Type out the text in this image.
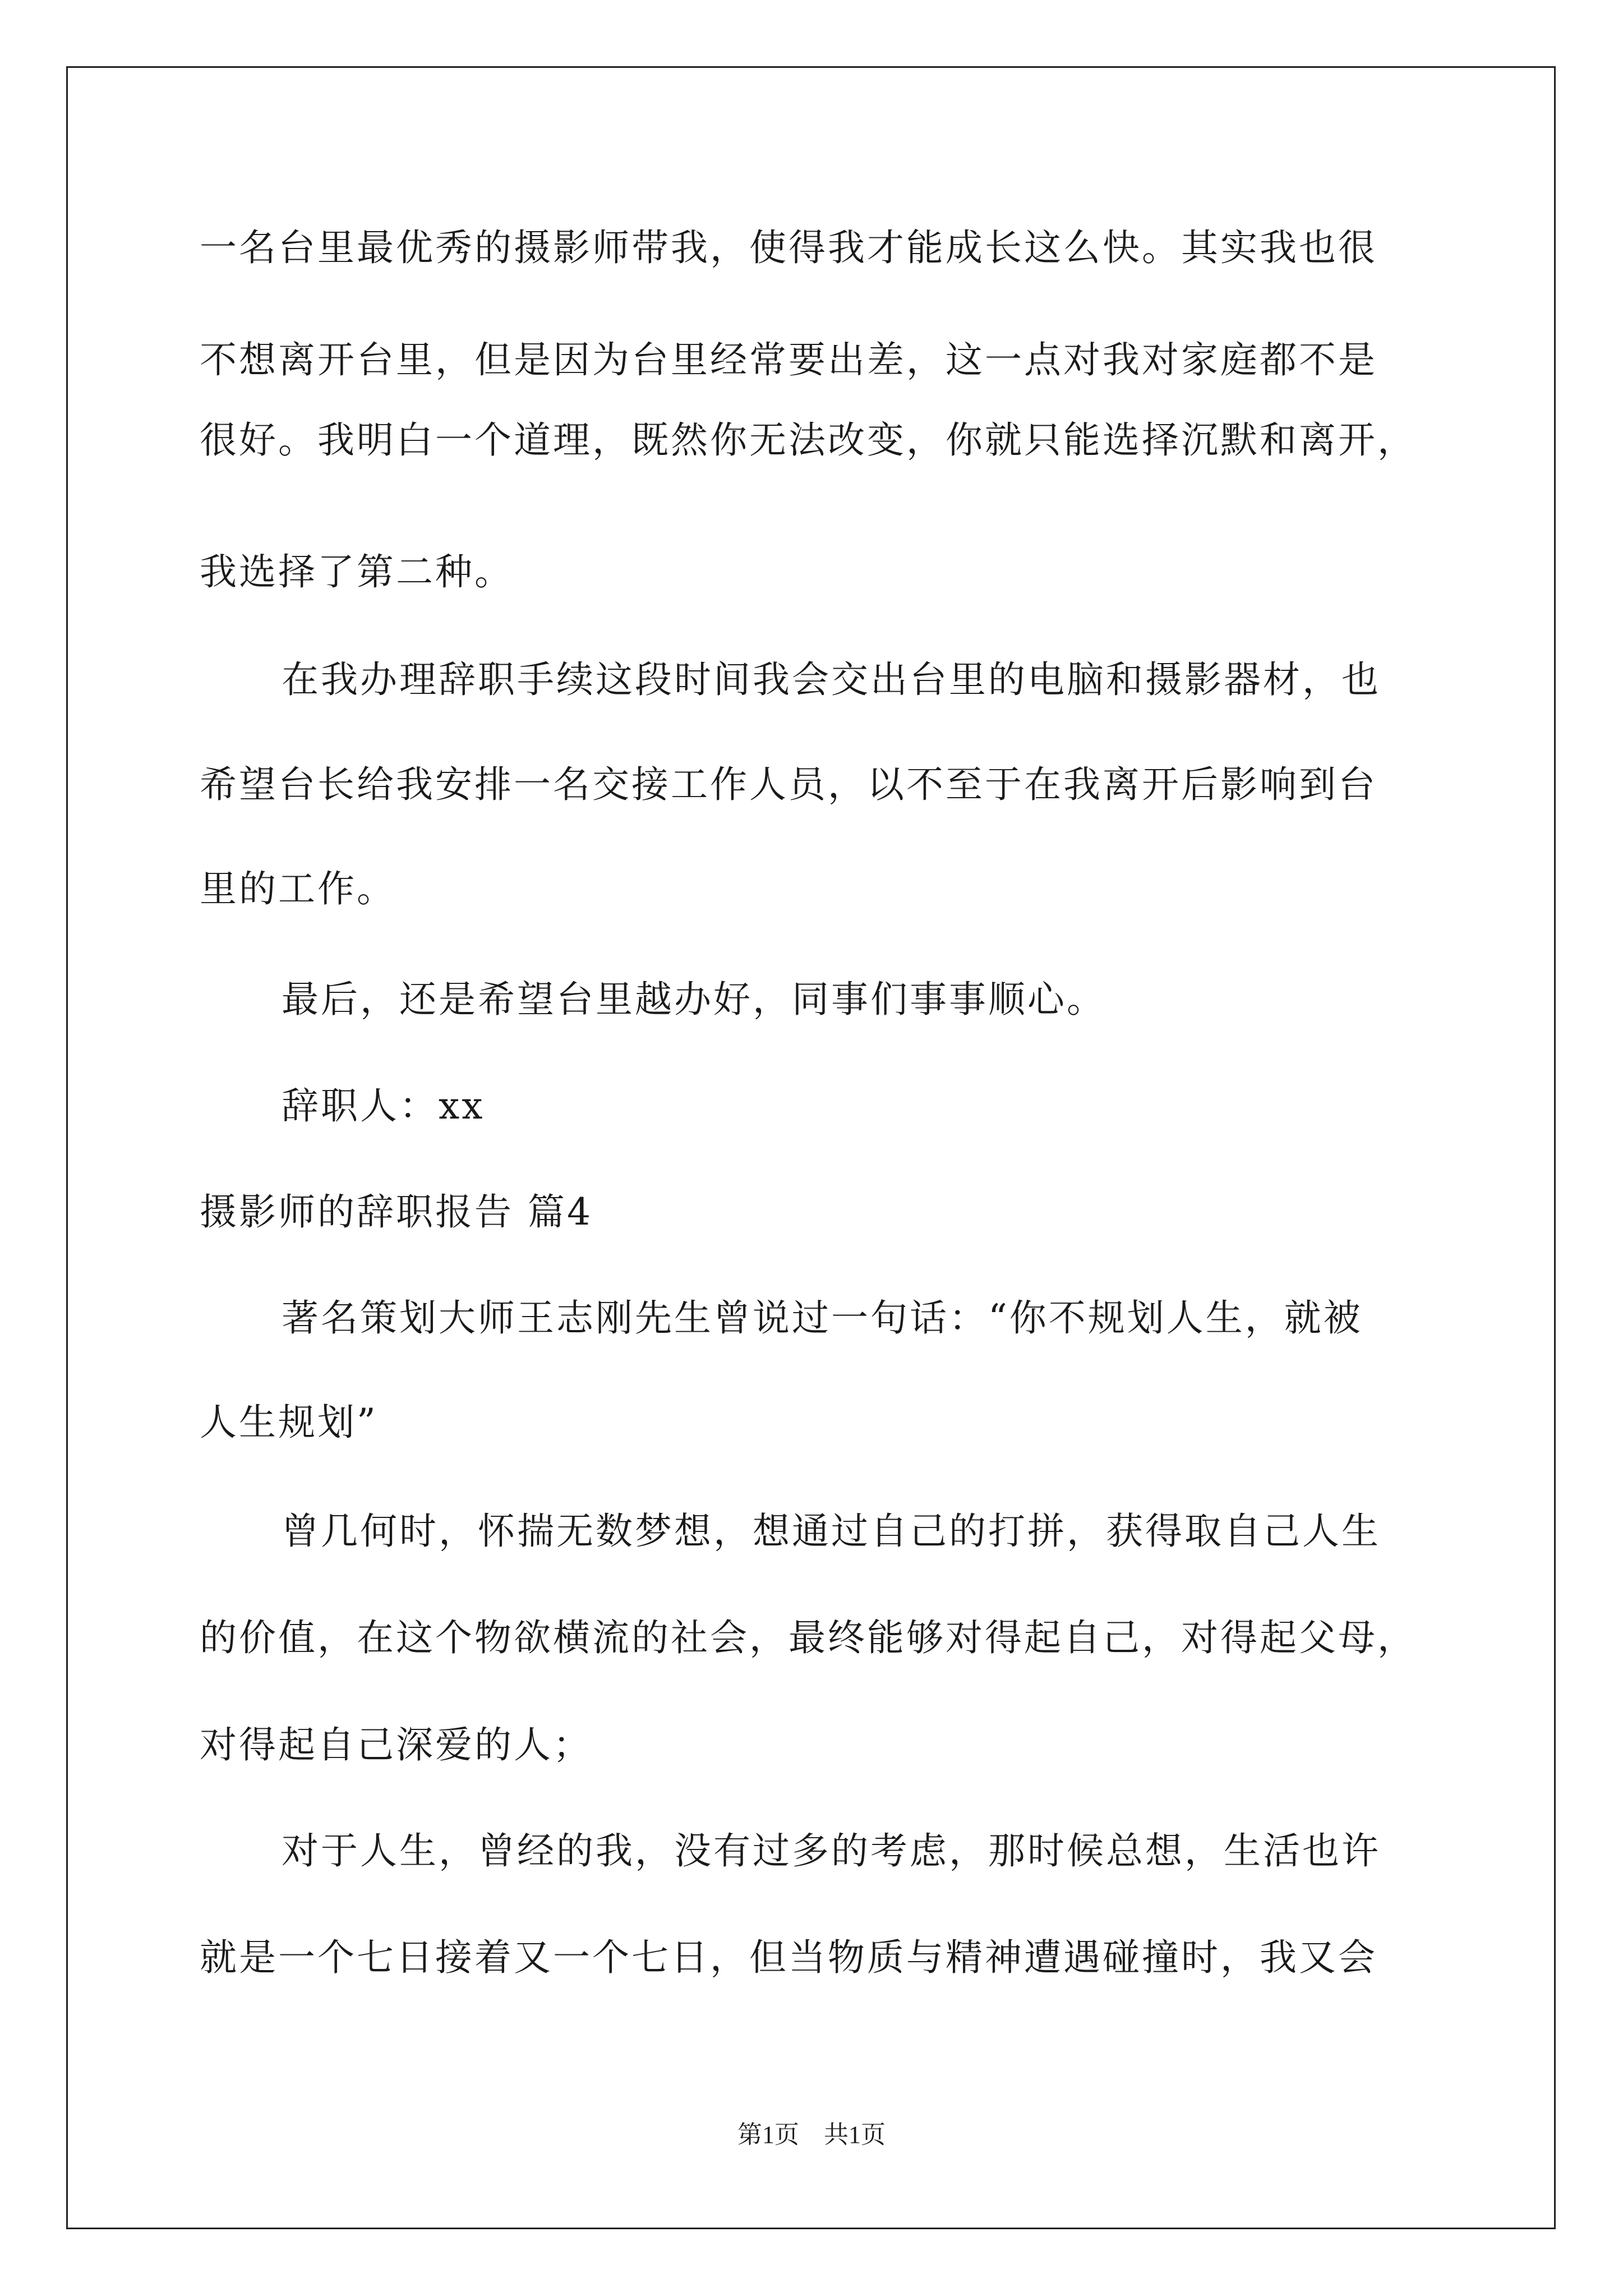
一名台里最优秀的摄影师带我，使得我才能成长这么快。其实我也很
不想离开台里，但是因为台里经常要出差，这一点对我对家庭都不是
很好。我明白一个道理，既然你无法改变，你就只能选择沉默和离开，
我选择了第二种。
在我办理辞职手续这段时间我会交出台里的电脑和摄影器材，也
希望台长给我安排一名交接工作人员，以不至于在我离开后影响到台
里的工作。
最后，还是希望台里越办好，同事们事事顺心。
辞职人：xx
摄影师的辞职报告 篇4
著名策划大师王志刚先生曾说过一句话：“你不规划人生，就被
人生规划”
曾几何时，怀揣无数梦想，想通过自己的打拼，获得取自己人生
的价值，在这个物欲横流的社会，最终能够对得起自己，对得起父母，
对得起自己深爱的人；
对于人生，曾经的我，没有过多的考虑，那时候总想，生活也许
就是一个七日接着又一个七日，但当物质与精神遭遇碰撞时，我又会
第1页　共1页
